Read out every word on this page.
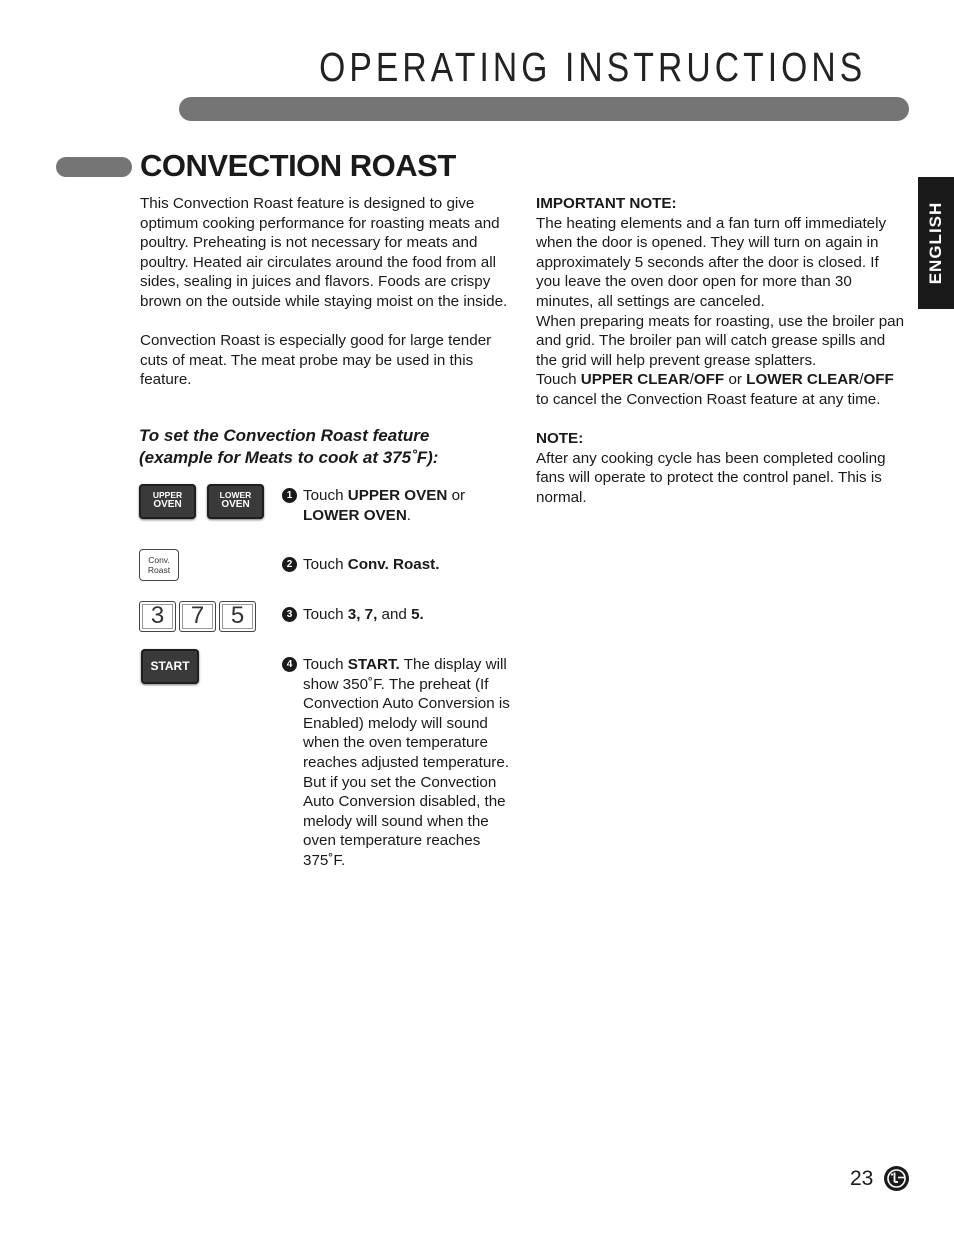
OPERATING INSTRUCTIONS
CONVECTION ROAST
ENGLISH

This Convection Roast feature is designed to give optimum cooking performance for roasting meats and poultry. Preheating is not necessary for meats and poultry. Heated air circulates around the food from all sides, sealing in juices and flavors. Foods are crispy brown on the outside while staying moist on the inside.

Convection Roast is especially good for large tender cuts of meat. The meat probe may be used in this feature.

To set the Convection Roast feature
(example for Meats to cook at 375˚F):
UPPER
OVEN
LOWER
OVEN
Conv.
Roast
3	7	5
START
1 Touch UPPER OVEN or LOWER OVEN.
2 Touch Conv. Roast.
3 Touch 3, 7, and 5.
4 Touch START. The display will show 350˚F. The preheat (If Convection Auto Conversion is Enabled) melody will sound when the oven temperature reaches adjusted temperature. But if you set the Convection Auto Conversion disabled, the melody will sound when the oven temperature reaches 375˚F.

IMPORTANT NOTE:

The heating elements and a fan turn off immediately when the door is opened. They will turn on again in approximately 5 seconds after the door is closed. If you leave the oven door open for more than 30 minutes, all settings are canceled.

When preparing meats for roasting, use the broiler pan and grid. The broiler pan will catch grease spills and the grid will help prevent grease splatters.

Touch UPPER CLEAR/OFF or LOWER CLEAR/OFF to cancel the Convection Roast feature at any time.

NOTE:

After any cooking cycle has been completed cooling fans will operate to protect the control panel. This is normal.

23
